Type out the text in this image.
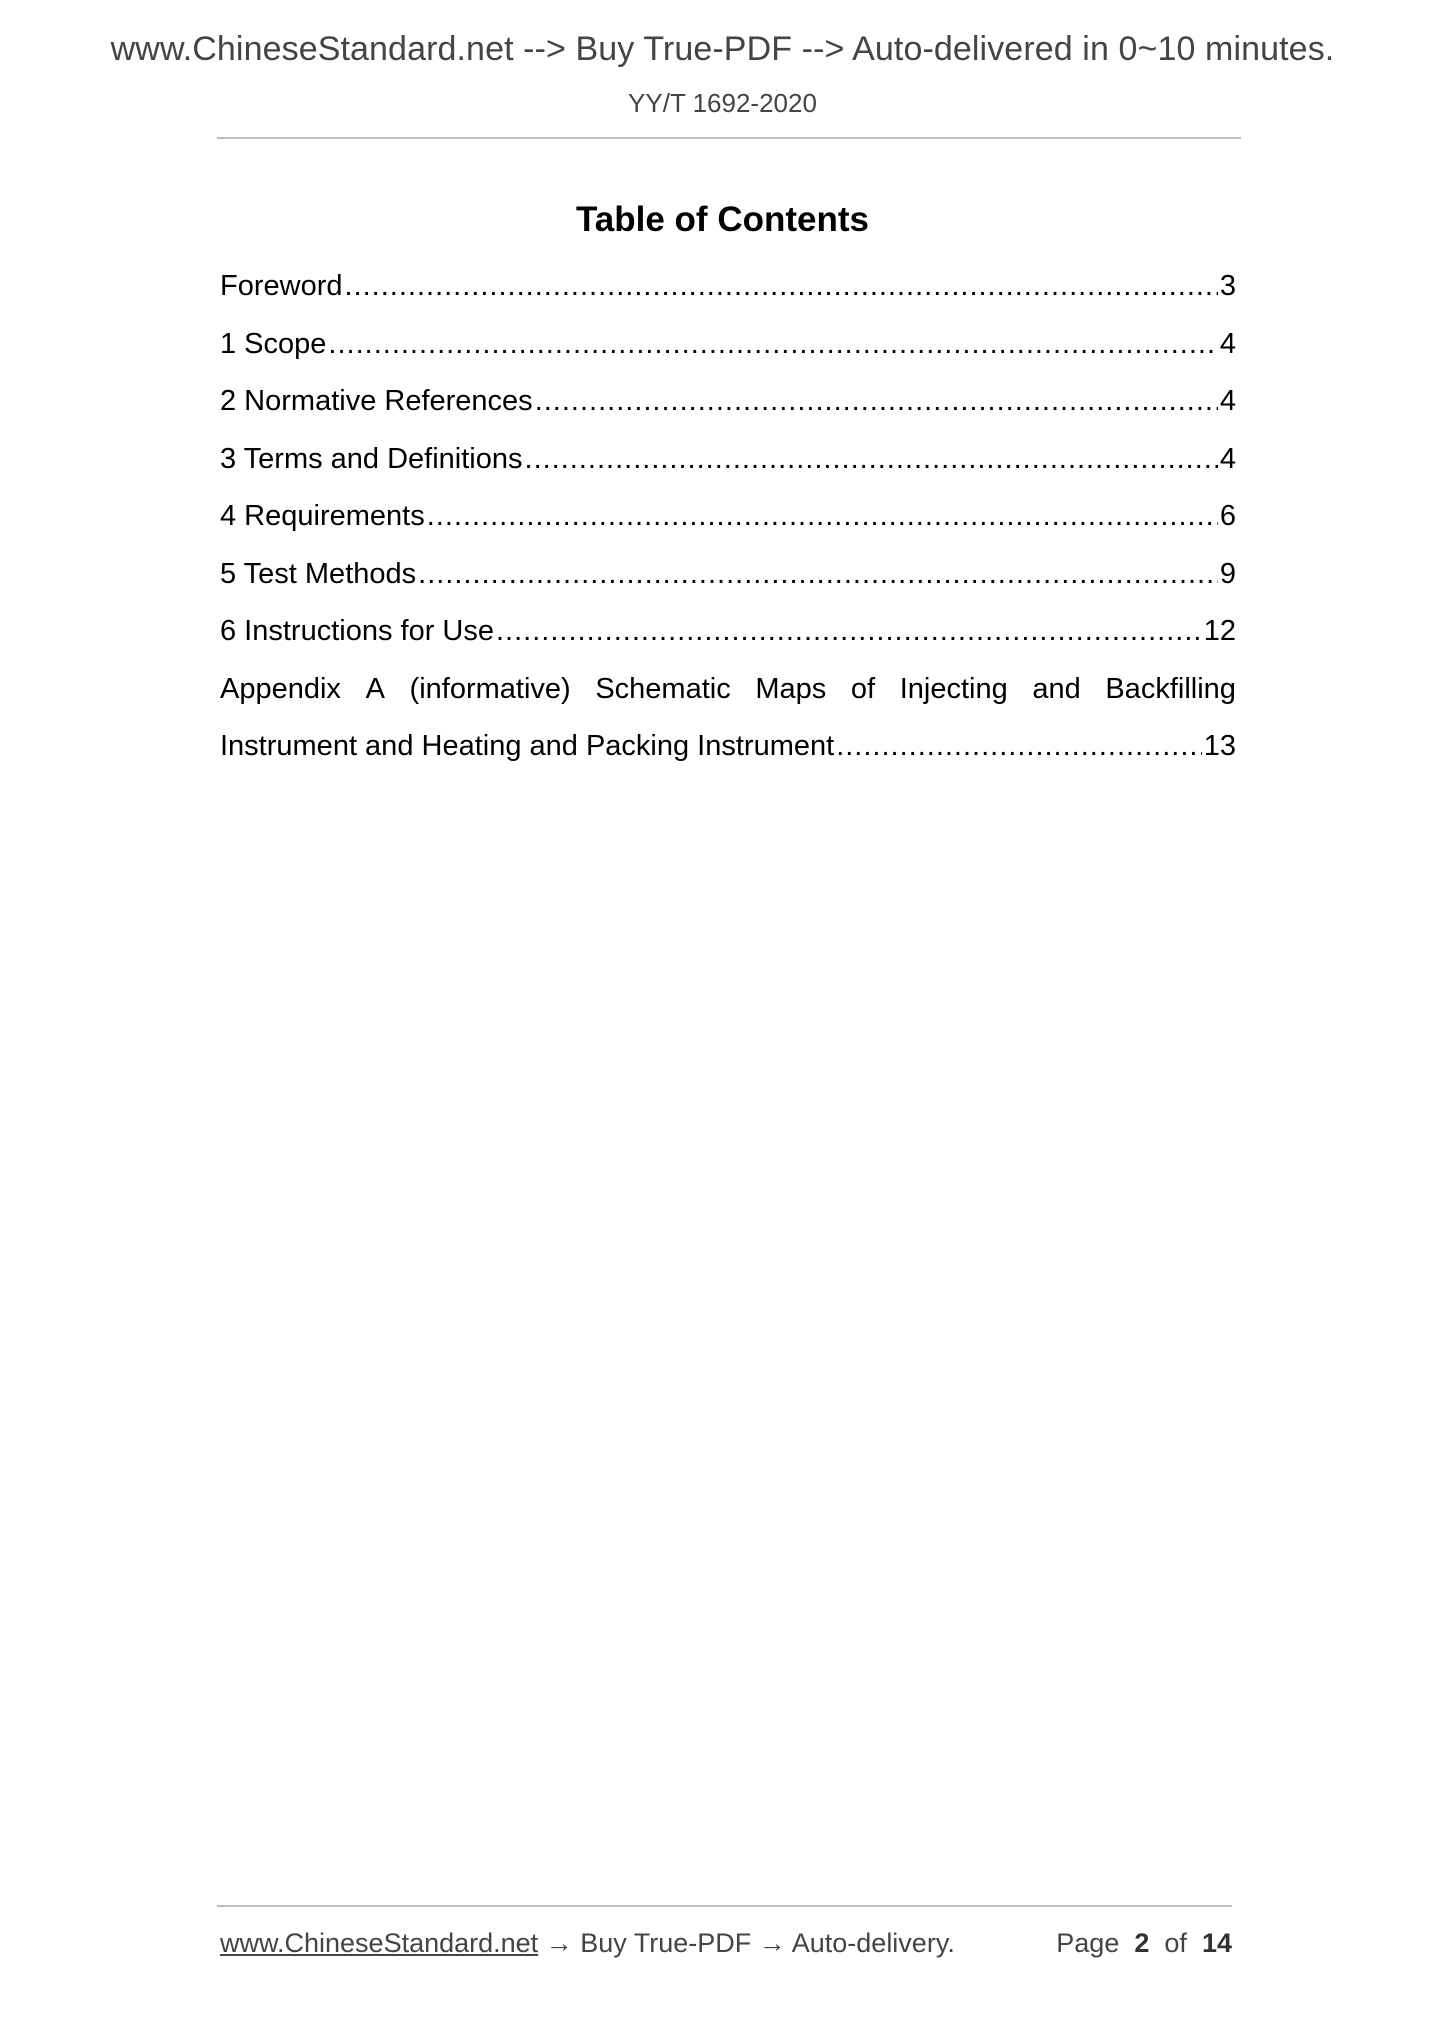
www.ChineseStandard.net --> Buy True-PDF --> Auto-delivered in 0~10 minutes.
YY/T 1692-2020
Table of Contents
Foreword .....	3
1 Scope .....	4
2 Normative References .....	4
3 Terms and Definitions .....	4
4 Requirements .....	6
5 Test Methods .....	9
6 Instructions for Use .....	12
Appendix A (informative) Schematic Maps of Injecting and Backfilling
Instrument and Heating and Packing Instrument .....	13
www.ChineseStandard.net → Buy True-PDF → Auto-delivery.	Page 2 of 14
